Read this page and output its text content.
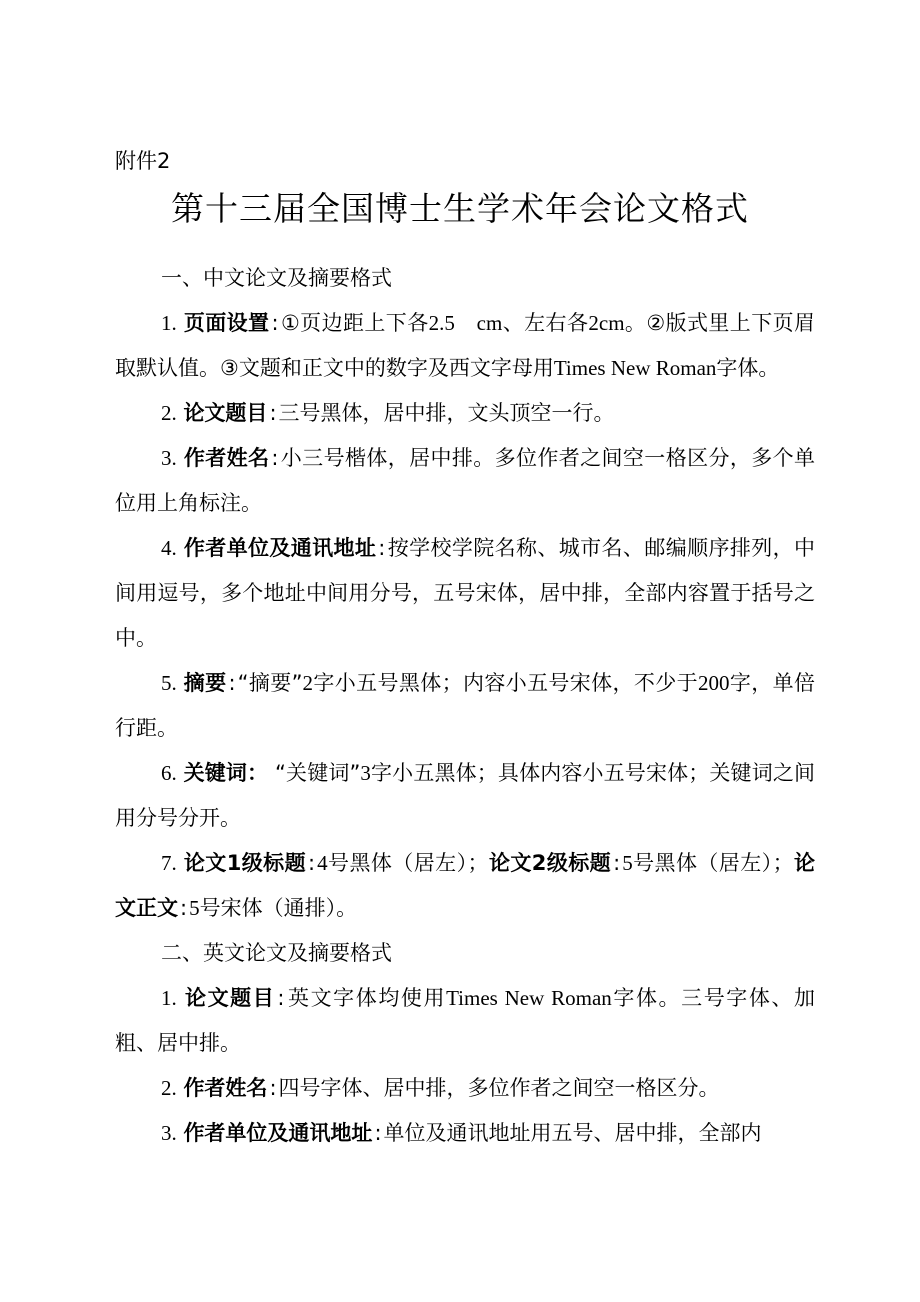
附件2
第十三届全国博士生学术年会论文格式

一、中文论文及摘要格式

1. 页面设置:①页边距上下各2.5　cm、左右各2cm。②版式里上下页眉取默认值。③文题和正文中的数字及西文字母用Times New Roman字体。

2. 论文题目:三号黑体，居中排，文头顶空一行。

3. 作者姓名:小三号楷体，居中排。多位作者之间空一格区分，多个单位用上角标注。

4. 作者单位及通讯地址:按学校学院名称、城市名、邮编顺序排列，中间用逗号，多个地址中间用分号，五号宋体，居中排，全部内容置于括号之中。

5. 摘要:“摘要”2字小五号黑体；内容小五号宋体，不少于200字，单倍行距。

6. 关键词： “关键词”3字小五黑体；具体内容小五号宋体；关键词之间用分号分开。

7. 论文1级标题:4号黑体（居左）；论文2级标题:5号黑体（居左）；论文正文:5号宋体（通排）。

二、英文论文及摘要格式

1. 论文题目:英文字体均使用Times New Roman字体。三号字体、加粗、居中排。

2. 作者姓名:四号字体、居中排，多位作者之间空一格区分。

3. 作者单位及通讯地址:单位及通讯地址用五号、居中排，全部内
